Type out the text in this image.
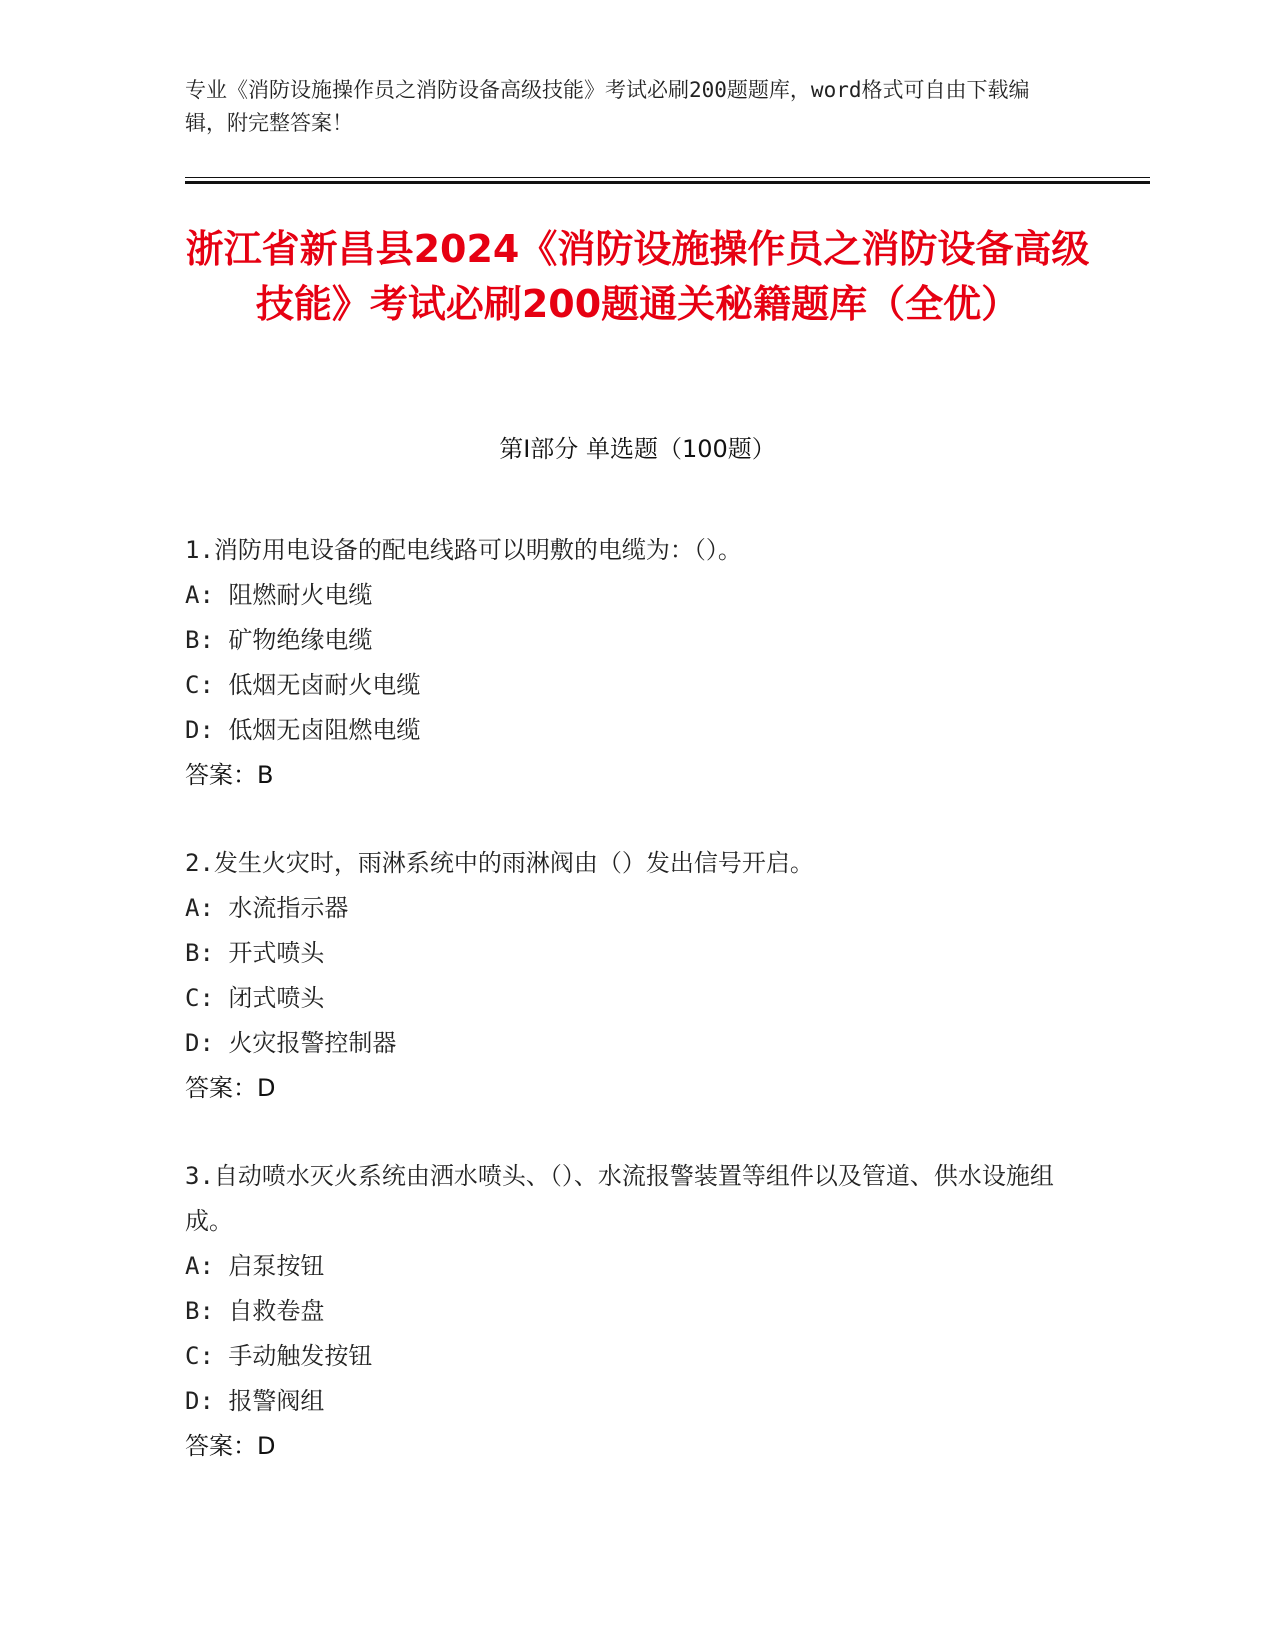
专业《消防设施操作员之消防设备高级技能》考试必刷200题题库，word格式可自由下载编辑，附完整答案！
浙江省新昌县2024《消防设施操作员之消防设备高级技能》考试必刷200题通关秘籍题库（全优）
第Ⅰ部分 单选题（100题）
1.消防用电设备的配电线路可以明敷的电缆为：（）。
A: 阻燃耐火电缆
B: 矿物绝缘电缆
C: 低烟无卤耐火电缆
D: 低烟无卤阻燃电缆
答案：B
2.发生火灾时，雨淋系统中的雨淋阀由（）发出信号开启。
A: 水流指示器
B: 开式喷头
C: 闭式喷头
D: 火灾报警控制器
答案：D
3.自动喷水灭火系统由洒水喷头、（）、水流报警装置等组件以及管道、供水设施组成。
A: 启泵按钮
B: 自救卷盘
C: 手动触发按钮
D: 报警阀组
答案：D
